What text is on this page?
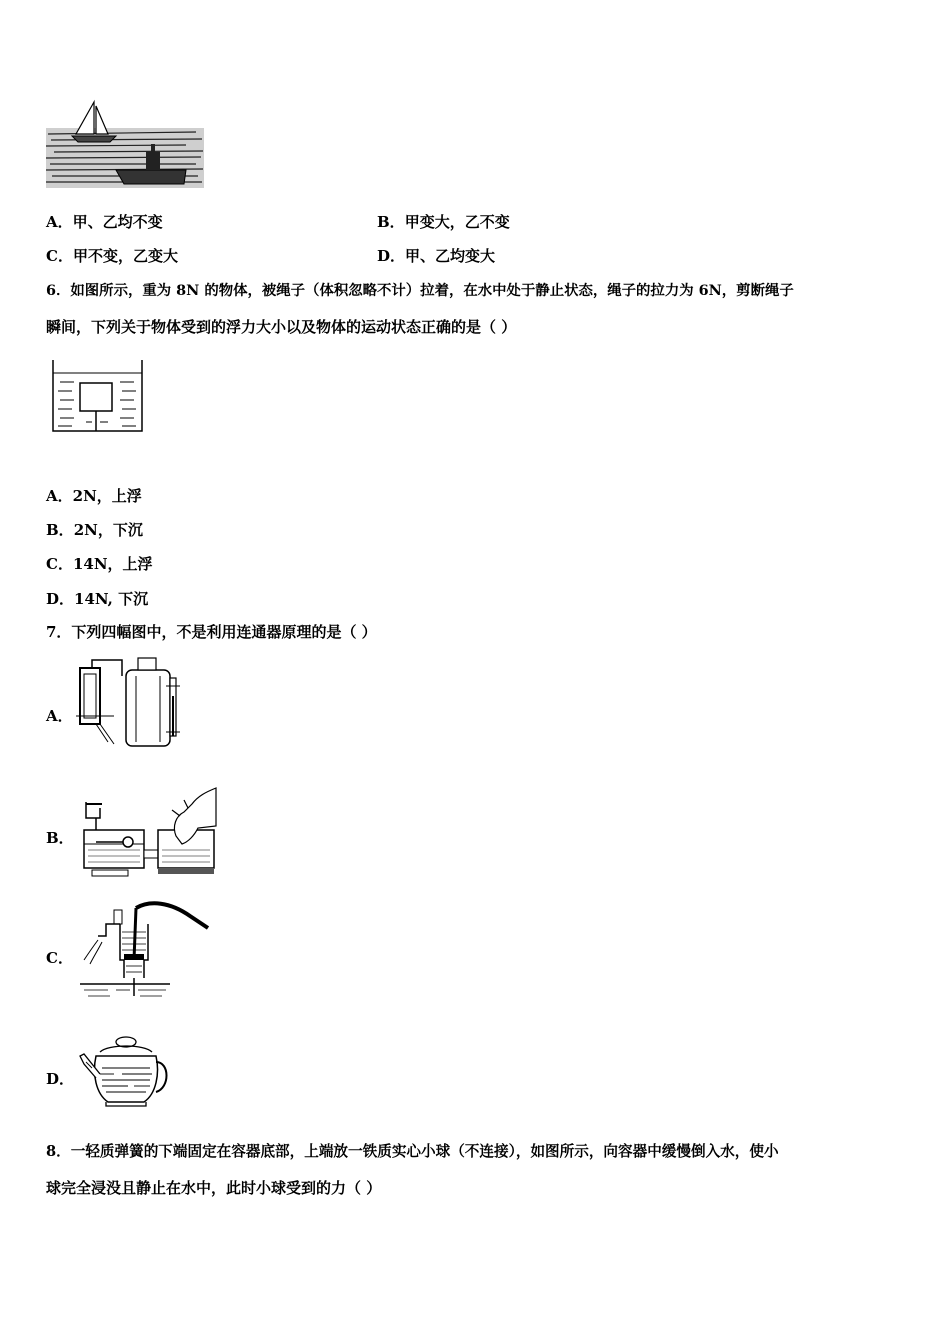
A．甲、乙均不变	B．甲变大，乙不变
C．甲不变，乙变大	D．甲、乙均变大
6．如图所示，重为 8N 的物体，被绳子（体积忽略不计）拉着，在水中处于静止状态，绳子的拉力为 6N，剪断绳子
瞬间，下列关于物体受到的浮力大小以及物体的运动状态正确的是（ ）
A．2N，上浮
B．2N，下沉
C．14N，上浮
D．14N, 下沉
7．下列四幅图中，不是利用连通器原理的是（ ）
A．
B．
C．
D．
8．一轻质弹簧的下端固定在容器底部，上端放一铁质实心小球（不连接），如图所示，向容器中缓慢倒入水，使小
球完全浸没且静止在水中，此时小球受到的力（ ）
